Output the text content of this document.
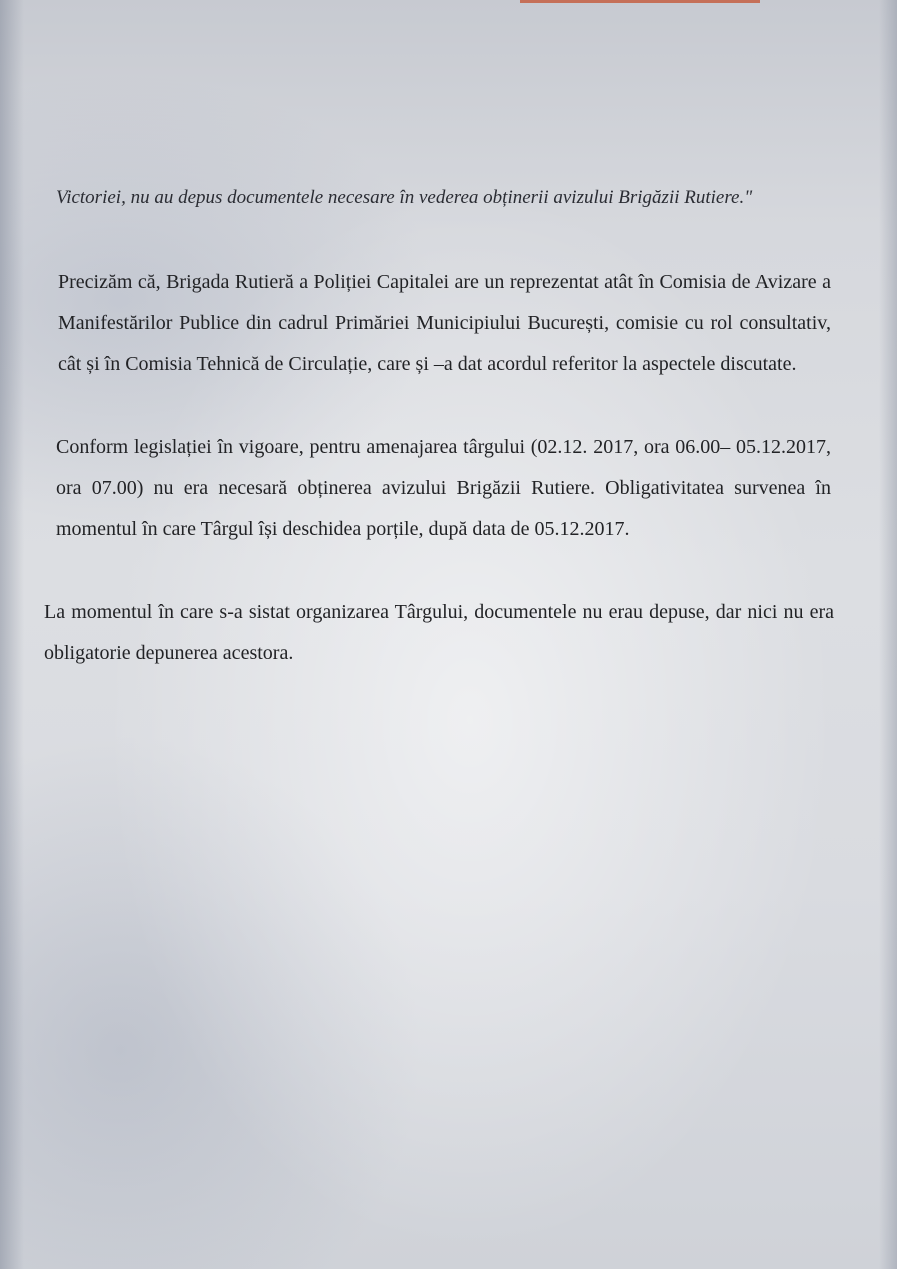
Victoriei, nu au depus documentele necesare în vederea obținerii avizului Brigăzii Rutiere."

Precizăm că, Brigada Rutieră a Poliției Capitalei are un reprezentat atât în Comisia de Avizare a Manifestărilor Publice din cadrul Primăriei Municipiului București, comisie cu rol consultativ, cât și în Comisia Tehnică de Circulație, care și –a dat acordul referitor la aspectele discutate.

Conform legislației în vigoare, pentru amenajarea târgului (02.12. 2017, ora 06.00– 05.12.2017, ora 07.00) nu era necesară obținerea avizului Brigăzii Rutiere. Obligativitatea survenea în momentul în care Târgul își deschidea porțile, după data de 05.12.2017.

La momentul în care s-a sistat organizarea Târgului, documentele nu erau depuse, dar nici nu era obligatorie depunerea acestora.
